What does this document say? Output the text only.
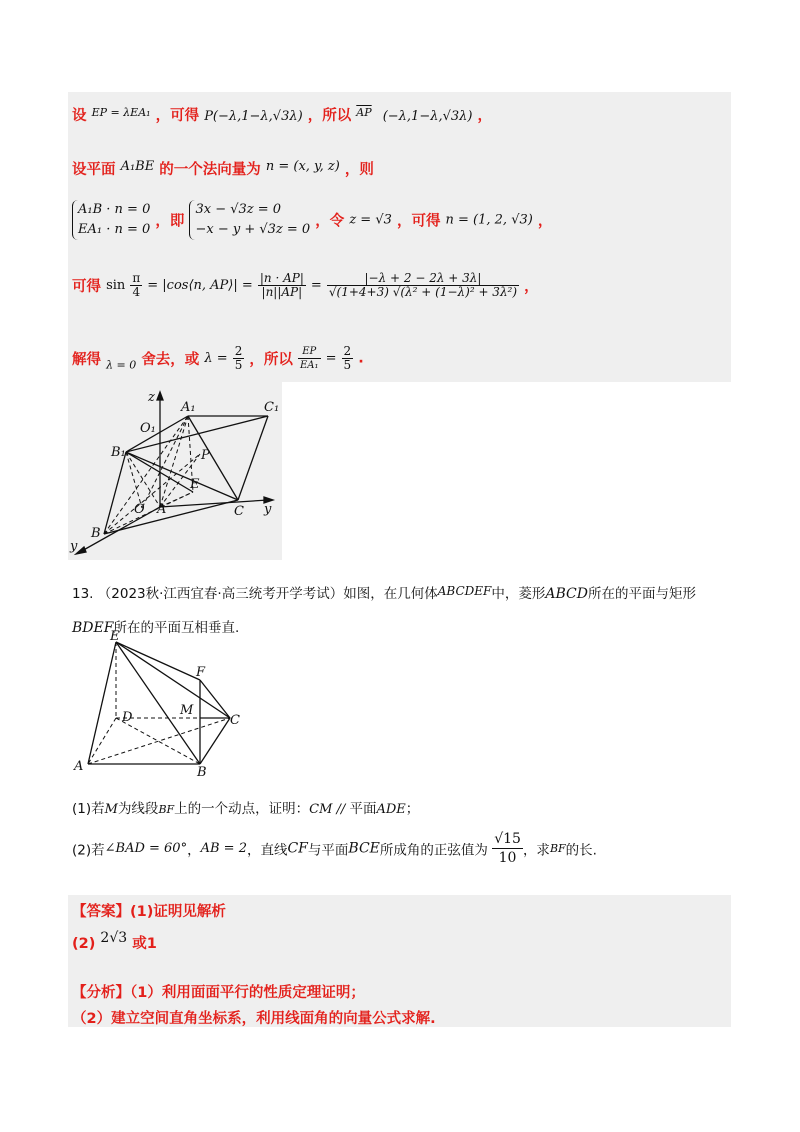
设 $^{EP = \lambda EA_1}$ ，可得 P(−λ,1−λ,√3λ) ，所以 $^{\overline{AP}}$ (−λ,1−λ,√3λ) ，
设平面 A₁BE 的一个法向量为 n = (x, y, z) ，则
A₁B · n = 0
EA₁ · n = 0 ，即
3x − √3z = 0
−x − y + √3z = 0 ，令 z = √3 ，可得 n = (1, 2, √3) ，
可得 $\sin \frac{\pi}{4}$ = |cos⟨n, AP⟩| = $\frac{|n \cdot AP|}{|n||AP|} = \frac{|-\lambda + 2 - 2\lambda + 3\lambda|}{\text{√(1+4+3) √(λ² + (1−λ)² + 3λ²)}}$ ，
解得 $_{\lambda = 0}$ 舍去，或 $\lambda = \frac{2}{5}$ ，所以 $\frac{EP}{\text{EA₁}} = \frac{2}{5}$ .
z
A₁	C₁
O₁
B₁	P
E
O A	C y
B
y
13. （2023秋·江西宜春·高三统考开学考试）如图，在几何体ABCDEF中，菱形ABCD所在的平面与矩形
BDEF所在的平面互相垂直.
E
F
D	M
C
A	B
(1)若M为线段BF上的一个动点，证明：CM // 平面ADE；
(2)若∠BAD = 60°，AB = 2，直线CF与平面BCE所成角的正弦值为 $\frac{√15}{10}$ ，求BF的长.
【答案】(1)证明见解析
(2) 2√3 或1
【分析】（1）利用面面平行的性质定理证明；
（2）建立空间直角坐标系，利用线面角的向量公式求解.
